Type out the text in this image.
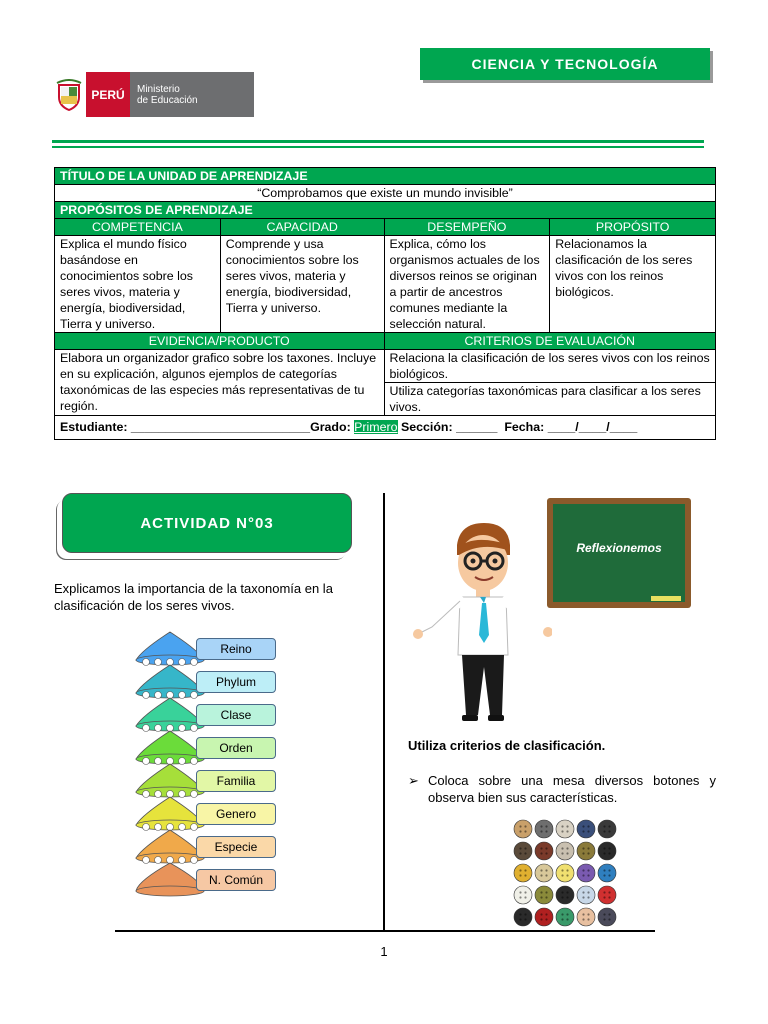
CIENCIA Y TECNOLOGÍA
PERÚ	Ministerio
de Educación
TÍTULO DE LA UNIDAD DE APRENDIZAJE			
“Comprobamos que existe un mundo invisible”			
PROPÓSITOS DE APRENDIZAJE			
COMPETENCIA	CAPACIDAD	DESEMPEÑO	PROPÓSITO
Explica el mundo físico basándose en conocimientos sobre los seres vivos, materia y energía, biodiversidad, Tierra y universo.	Comprende y usa conocimientos sobre los seres vivos, materia y energía, biodiversidad, Tierra y universo.	Explica, cómo los organismos actuales de los diversos reinos se originan a partir de ancestros comunes mediante la selección natural.	Relacionamos la clasificación de los seres vivos con los reinos biológicos.
EVIDENCIA/PRODUCTO		CRITERIOS DE EVALUACIÓN	
Elabora un organizador grafico sobre los taxones. Incluye en su explicación, algunos ejemplos de categorías taxonómicas de las especies más representativas de tu región.		Relaciona la clasificación de los seres vivos con los reinos biológicos.	
		Utiliza categorías taxonómicas para clasificar a los seres vivos.	
Estudiante: __________________________Grado: Primero Sección: ______ Fecha: ____/____/____			
ACTIVIDAD N°03
Explicamos la importancia de la taxonomía en la clasificación de los seres vivos.
Reino
Phylum
Clase
Orden
Familia
Genero
Especie
N. Común
Reflexionemos
Utiliza criterios de clasificación.
➢ Coloca sobre una mesa diversos botones y observa bien sus características.
1
